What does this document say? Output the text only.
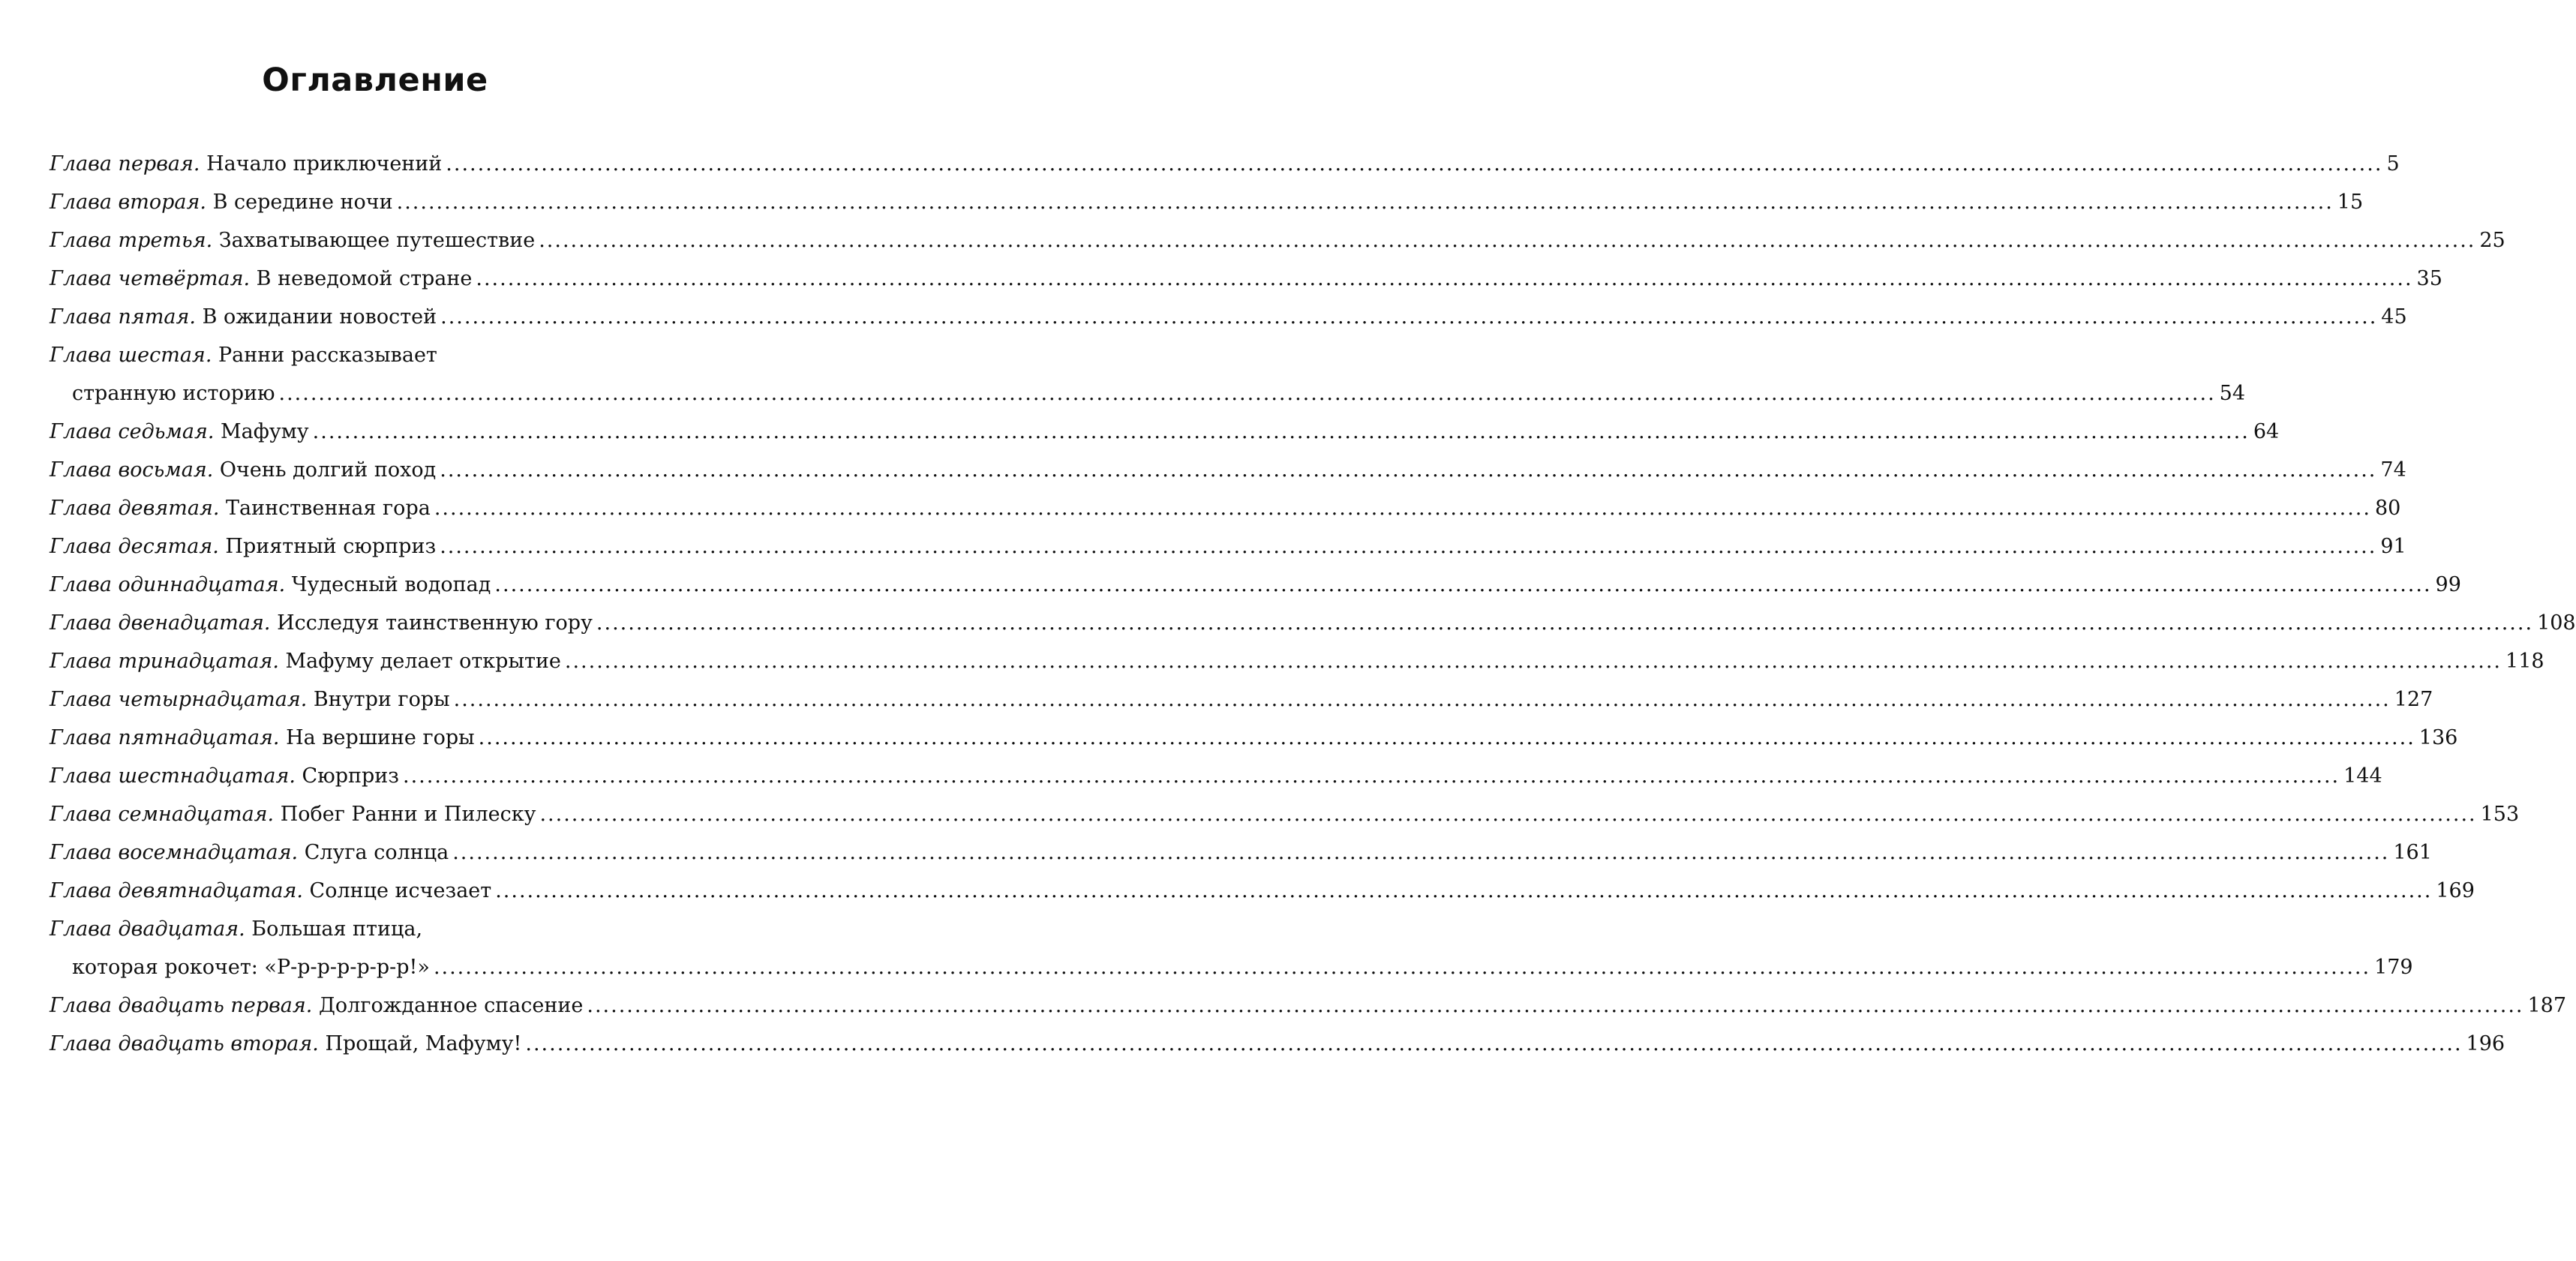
Оглавление
Глава первая.
Начало приключений .................................................................................................................................................................................................................................................... 5
Глава вторая.
В середине ночи .................................................................................................................................................................................................................................................... 15
Глава третья.
Захватывающее путешествие .................................................................................................................................................................................................................................................... 25
Глава четвёртая.
В неведомой стране .................................................................................................................................................................................................................................................... 35
Глава пятая.
В ожидании новостей .................................................................................................................................................................................................................................................... 45
Глава шестая.
Ранни рассказывает
странную историю .................................................................................................................................................................................................................................................... 54
Глава седьмая.
Мафуму .................................................................................................................................................................................................................................................... 64
Глава восьмая.
Очень долгий поход .................................................................................................................................................................................................................................................... 74
Глава девятая.
Таинственная гора .................................................................................................................................................................................................................................................... 80
Глава десятая.
Приятный сюрприз .................................................................................................................................................................................................................................................... 91
Глава одиннадцатая.
Чудесный водопад .................................................................................................................................................................................................................................................... 99
Глава двенадцатая.
Исследуя таинственную гору .................................................................................................................................................................................................................................................... 108
Глава тринадцатая.
Мафуму делает открытие .................................................................................................................................................................................................................................................... 118
Глава четырнадцатая.
Внутри горы .................................................................................................................................................................................................................................................... 127
Глава пятнадцатая.
На вершине горы .................................................................................................................................................................................................................................................... 136
Глава шестнадцатая.
Сюрприз .................................................................................................................................................................................................................................................... 144
Глава семнадцатая.
Побег Ранни и Пилеску .................................................................................................................................................................................................................................................... 153
Глава восемнадцатая.
Слуга солнца .................................................................................................................................................................................................................................................... 161
Глава девятнадцатая.
Солнце исчезает .................................................................................................................................................................................................................................................... 169
Глава двадцатая.
Большая птица,
которая рокочет: «Р-р-р-р-р-р-р!» .................................................................................................................................................................................................................................................... 179
Глава двадцать первая.
Долгожданное спасение .................................................................................................................................................................................................................................................... 187
Глава двадцать вторая.
Прощай, Мафуму! .................................................................................................................................................................................................................................................... 196
